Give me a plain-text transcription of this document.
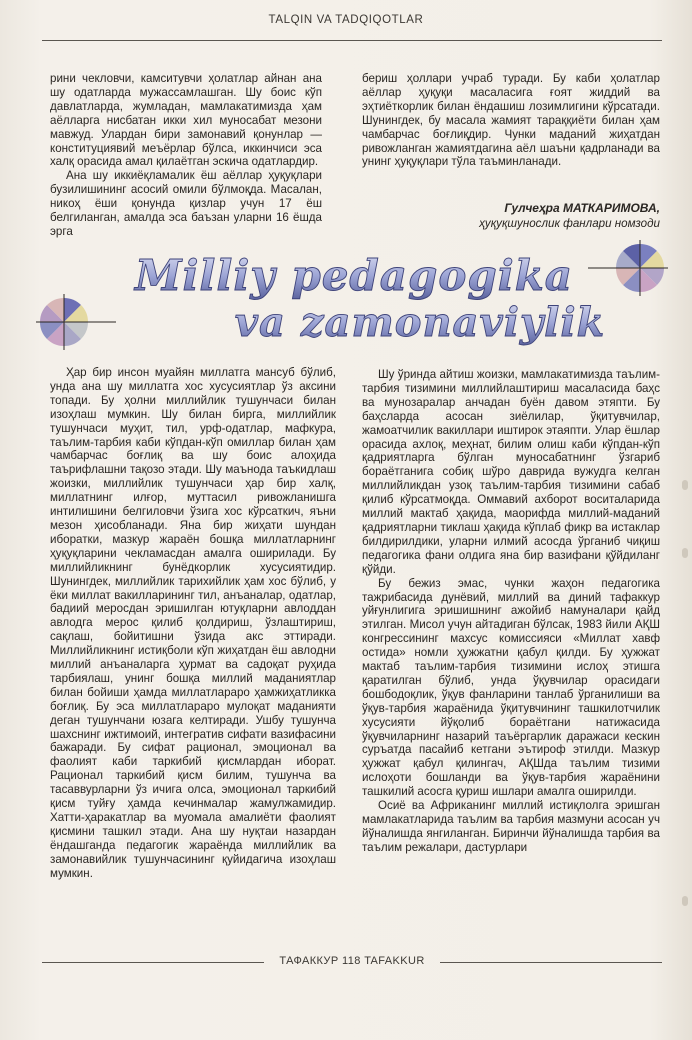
TALQIN VA TADQIQOTLAR

рини чекловчи, камситувчи ҳолатлар айнан ана шу одатларда мужассамлашган. Шу боис кўп давлатларда, жумладан, мамлакатимизда ҳам аёлларга нисбатан икки хил муносабат мезони мавжуд. Улардан бири замонавий қонунлар — конституциявий меъёрлар бўлса, иккинчиси эса халқ орасида амал қилаётган эскича одатлардир.

Ана шу иккиёқламалик ёш аёллар ҳуқуқлари бузилишининг асосий омили бўлмоқда. Масалан, никоҳ ёши қонунда қизлар учун 17 ёш белгиланган, амалда эса баъзан уларни 16 ёшда эрга

бериш ҳоллари учраб туради. Бу каби ҳолатлар аёллар ҳуқуқи масаласига ғоят жиддий ва эҳтиёткорлик билан ёндашиш лозимлигини кўрсатади. Шунингдек, бу масала жамият тараққиёти билан ҳам чамбарчас боғлиқдир. Чунки маданий жиҳатдан ривожланган жамиятдагина аёл шаъни қадрланади ва унинг ҳуқуқлари тўла таъминланади.

Гулчеҳра МАТКАРИМОВА,
ҳуқуқшунослик фанлари номзоди
Milliy pedagogika
va zamonaviylik

Ҳар бир инсон муайян миллатга мансуб бўлиб, унда ана шу миллатга хос хусусиятлар ўз аксини топади. Бу ҳолни миллийлик тушунчаси билан изоҳлаш мумкин. Шу билан бирга, миллийлик тушунчаси муҳит, тил, урф-одатлар, мафкура, таълим-тарбия каби кўпдан-кўп омиллар билан ҳам чамбарчас боғлиқ ва шу боис алоҳида таърифлашни тақозо этади. Шу маънода таъкидлаш жоизки, миллийлик тушунчаси ҳар бир халқ, миллатнинг илғор, муттасил ривожланишга интилишини белгиловчи ўзига хос кўрсаткич, яъни мезон ҳисобланади. Яна бир жиҳати шундан иборатки, мазкур жараён бошқа миллатларнинг ҳуқуқларини чекламасдан амалга оширилади. Бу миллийликнинг бунёдкорлик хусусиятидир. Шунингдек, миллийлик тарихийлик ҳам хос бўлиб, у ёки миллат вакилларининг тил, анъаналар, одатлар, бадиий мероcдан эришилган ютуқларни авлоддан авлодга мерос қилиб қолдириш, ўзлаштириш, сақлаш, бойитишни ўзида акс эттиради. Миллийликнинг истиқболи кўп жиҳатдан ёш авлодни миллий анъаналарга ҳурмат ва садоқат руҳида тарбиялаш, унинг бошқа миллий маданиятлар билан бойиши ҳамда миллатлараро ҳамжиҳатликка боғлиқ. Бу эса миллатлараро мулоқат маданияти деган тушунчани юзага келтиради. Ушбу тушунча шахснинг ижтимоий, интегратив сифати вазифасини бажаради. Бу сифат рационал, эмоционал ва фаолият каби таркибий қисмлардан иборат. Рационал таркибий қисм билим, тушунча ва тасаввурларни ўз ичига олса, эмоционал таркибий қисм туйғу ҳамда кечинмалар жамулжамидир. Хатти-ҳаракатлар ва муомала амалиёти фаолият қисмини ташкил этади. Ана шу нуқтаи назардан ёндашганда педагогик жараёнда миллийлик ва замонавийлик тушунчасининг қуйидагича изоҳлаш мумкин.

Шу ўринда айтиш жоизки, мамлакатимизда таълим-тарбия тизимини миллийлаштириш масаласида баҳс ва мунозаралар анчадан буён давом этяпти. Бу баҳсларда асосан зиёлилар, ўқитувчилар, жамоатчилик вакиллари иштирок этаяпти. Улар ёшлар орасида ахлоқ, меҳнат, билим олиш каби кўпдан-кўп қадриятларга бўлган муносабатнинг ўзгариб бораётганига собиқ шўро даврида вужудга келган миллийликдан узоқ таълим-тарбия тизимини сабаб қилиб кўрсатмоқда. Оммавий ахборот воситаларида миллий мактаб ҳақида, маорифда миллий-маданий қадриятларни тиклаш ҳақида кўплаб фикр ва истаклар билдирилдики, уларни илмий асосда ўрганиб чиқиш педагогика фани олдига яна бир вазифани қўйдиланг қўйди.

Бу бежиз эмас, чунки жаҳон педагогика тажрибасида дунёвий, миллий ва диний тафаккур уйғунлигига эришишнинг ажойиб намуналари қайд этилган. Мисол учун айтадиган бўлсак, 1983 йили АҚШ конгрессининг махсус комиссияси «Миллат хавф остида» номли ҳужжатни қабул қилди. Бу ҳужжат мактаб таълим-тарбия тизимини ислоҳ этишга қаратилган бўлиб, унда ўқувчилар орасидаги бошбодоқлик, ўқув фанларини танлаб ўрганилиши ва ўқув-тарбия жараёнида ўқитувчининг ташкилотчилик хусусияти йўқолиб бораётгани натижасида ўқувчиларнинг назарий таъёргарлик даражаси кескин суръатда пасайиб кетгани эътироф этилди. Мазкур ҳужжат қабул қилингач, АҚШда таълим тизими ислоҳоти бошланди ва ўқув-тарбия жараёнини ташкилий асосга қуриш ишлари амалга оширилди.

Осиё ва Африканинг миллий истиқлолга эришган мамлакатларида таълим ва тарбия мазмуни асосан уч йўналишда янгиланган. Биринчи йўналишда тарбия ва таълим режалари, дастурлари

ТАФАККУР 118 TAFAKKUR
